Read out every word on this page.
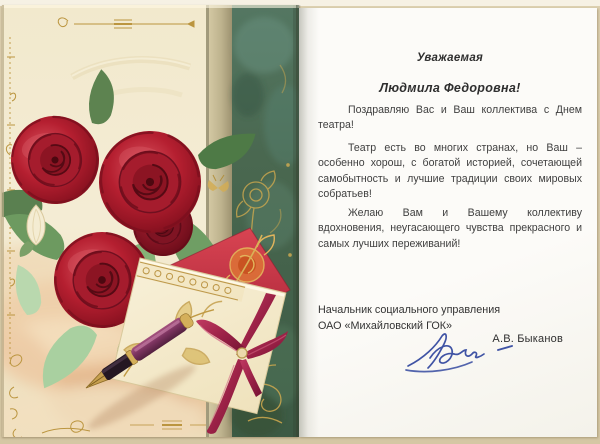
Уважаемая
Людмила Федоровна!
Поздравляю Вас и Ваш коллектива с Днем театра!
Театр есть во многих странах, но Ваш – особенно хорош, с богатой историей, сочетающей самобытность и лучшие традиции своих мировых собратьев!
Желаю Вам и Вашему коллективу вдохновения, неугасающего чувства прекрасного и самых лучших переживаний!
Начальник социального управления
ОАО «Михайловский ГОК»
А.В. Быканов
